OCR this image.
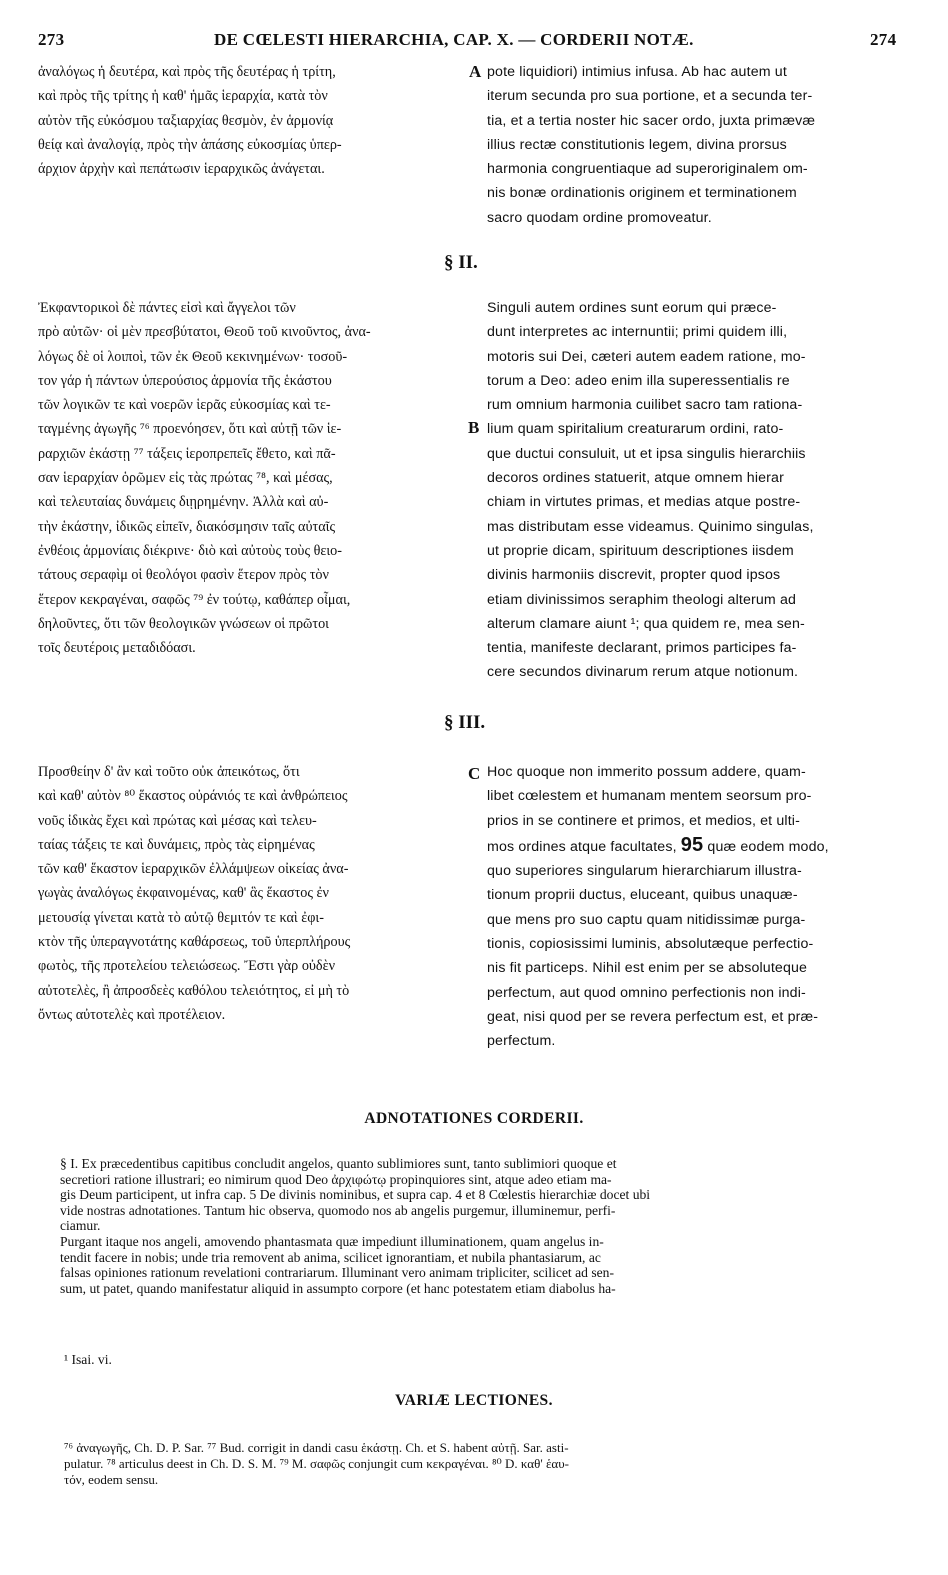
273	DE CŒLESTI HIERARCHIA, CAP. X. — CORDERII NOTÆ.	274
ἀναλόγως ἡ δευτέρα, καὶ πρὸς τῆς δευτέρας ἡ τρίτη,
καὶ πρὸς τῆς τρίτης ἡ καθ' ἡμᾶς ἱεραρχία, κατὰ τὸν
αὐτὸν τῆς εὐκόσμου ταξιαρχίας θεσμὸν, ἐν ἁρμονίᾳ
θείᾳ καὶ ἀναλογίᾳ, πρὸς τὴν ἁπάσης εὐκοσμίας ὑπερ-
άρχιον ἀρχὴν καὶ πεπάτωσιν ἱεραρχικῶς ἀνάγεται.
A pote liquidiori) intimius infusa. Ab hac autem ut
iterum secunda pro sua portione, et a secunda ter-
tia, et a tertia noster hic sacer ordo, juxta primævæ
illius rectæ constitutionis legem, divina prorsus
harmonia congruentiaque ad superoriginalem om-
nis bonæ ordinationis originem et terminationem
sacro quodam ordine promoveatur.
§ II.
Ἐκφαντορικοὶ δὲ πάντες εἰσὶ καὶ ἄγγελοι τῶν
πρὸ αὐτῶν· οἱ μὲν πρεσβύτατοι, Θεοῦ τοῦ κινοῦντος, ἀνα-
λόγως δὲ οἱ λοιποὶ, τῶν ἐκ Θεοῦ κεκινημένων· τοσοῦ-
τον γάρ ἡ πάντων ὑπερούσιος ἁρμονία τῆς ἑκάστου
τῶν λογικῶν τε καὶ νοερῶν ἱερᾶς εὐκοσμίας καὶ τε-
ταγμένης ἀγωγῆς ⁷⁶ προενόησεν, ὅτι καὶ αὐτῇ τῶν ἱε-
ραρχιῶν ἑκάστῃ ⁷⁷ τάξεις ἱεροπρεπεῖς ἔθετο, καὶ πᾶ-
σαν ἱεραρχίαν ὁρῶμεν εἰς τὰς πρώτας ⁷⁸, καὶ μέσας,
καὶ τελευταίας δυνάμεις διῃρημένην. Ἀλλὰ καὶ αὐ-
τὴν ἑκάστην, ἰδικῶς εἰπεῖν, διακόσμησιν ταῖς αὐταῖς
ἐνθέοις ἁρμονίαις διέκρινε· διὸ καὶ αὐτοὺς τοὺς θειο-
τάτους σεραφὶμ οἱ θεολόγοι φασὶν ἕτερον πρὸς τὸν
ἕτερον κεκραγέναι, σαφῶς ⁷⁹ ἐν τούτῳ, καθάπερ οἶμαι,
δηλοῦντες, ὅτι τῶν θεολογικῶν γνώσεων οἱ πρῶτοι
τοῖς δευτέροις μεταδιδόασι.
B
Singuli autem ordines sunt eorum qui præce-
dunt interpretes ac internuntii; primi quidem illi,
motoris sui Dei, cæteri autem eadem ratione, mo-
torum a Deo: adeo enim illa superessentialis re
rum omnium harmonia cuilibet sacro tam rationa-
lium quam spiritalium creaturarum ordini, rato-
que ductui consuluit, ut et ipsa singulis hierarchiis
decoros ordines statuerit, atque omnem hierar
chiam in virtutes primas, et medias atque postre-
mas distributam esse videamus. Quinimo singulas,
ut proprie dicam, spirituum descriptiones iisdem
divinis harmoniis discrevit, propter quod ipsos
etiam divinissimos seraphim theologi alterum ad
alterum clamare aiunt ¹; qua quidem re, mea sen-
tentia, manifeste declarant, primos participes fa-
cere secundos divinarum rerum atque notionum.
§ III.
Προσθείην δ' ἂν καὶ τοῦτο οὐκ ἀπεικότως, ὅτι
καὶ καθ' αὐτὸν ⁸⁰ ἕκαστος οὐράνιός τε καὶ ἀνθρώπειος
νοῦς ἰδικὰς ἔχει καὶ πρώτας καὶ μέσας καὶ τελευ-
ταίας τάξεις τε καὶ δυνάμεις, πρὸς τὰς εἰρημένας
τῶν καθ' ἕκαστον ἱεραρχικῶν ἐλλάμψεων οἰκείας ἀνα-
γωγὰς ἀναλόγως ἐκφαινομένας, καθ' ἃς ἕκαστος ἐν
μετουσίᾳ γίνεται κατὰ τὸ αὐτῷ θεμιτόν τε καὶ ἐφι-
κτὸν τῆς ὑπεραγνοτάτης καθάρσεως, τοῦ ὑπερπλήρους
φωτὸς, τῆς προτελείου τελειώσεως. Ἔστι γὰρ οὐδὲν
αὐτοτελὲς, ἢ ἀπροσδεὲς καθόλου τελειότητος, εἰ μὴ τὸ
ὄντως αὐτοτελὲς καὶ προτέλειον.
C Hoc quoque non immerito possum addere, quam-
libet cœlestem et humanam mentem seorsum pro-
prios in se continere et primos, et medios, et ulti-
mos ordines atque facultates, 95 quæ eodem modo,
quo superiores singularum hierarchiarum illustra-
tionum proprii ductus, eluceant, quibus unaquæ-
que mens pro suo captu quam nitidissimæ purga-
tionis, copiosissimi luminis, absolutæque perfectio-
nis fit particeps. Nihil est enim per se absoluteque
perfectum, aut quod omnino perfectionis non indi-
geat, nisi quod per se revera perfectum est, et præ-
perfectum.
ADNOTATIONES CORDERII.
§ I. Ex præcedentibus capitibus concludit angelos, quanto sublimiores sunt, tanto sublimiori quoque et
secretiori ratione illustrari; eo nimirum quod Deo ἀρχιφώτῳ propinquiores sint, atque adeo etiam ma-
gis Deum participent, ut infra cap. 5 De divinis nominibus, et supra cap. 4 et 8 Cœlestis hierarchiæ docet ubi
vide nostras adnotationes. Tantum hic observa, quomodo nos ab angelis purgemur, illuminemur, perfi-
ciamur.
Purgant itaque nos angeli, amovendo phantasmata quæ impediunt illuminationem, quam angelus in-
tendit facere in nobis; unde tria removent ab anima, scilicet ignorantiam, et nubila phantasiarum, ac
falsas opiniones rationum revelationi contrariarum. Illuminant vero animam tripliciter, scilicet ad sen-
sum, ut patet, quando manifestatur aliquid in assumpto corpore (et hanc potestatem etiam diabolus ha-
¹ Isai. vi.
VARIÆ LECTIONES.
⁷⁶ ἀναγωγῆς, Ch. D. P. Sar. ⁷⁷ Bud. corrigit in dandi casu ἑκάστῃ. Ch. et S. habent αὐτῇ. Sar. asti-
pulatur. ⁷⁸ articulus deest in Ch. D. S. M. ⁷⁹ M. σαφῶς conjungit cum κεκραγέναι. ⁸⁰ D. καθ' ἑαυ-
τόν, eodem sensu.
